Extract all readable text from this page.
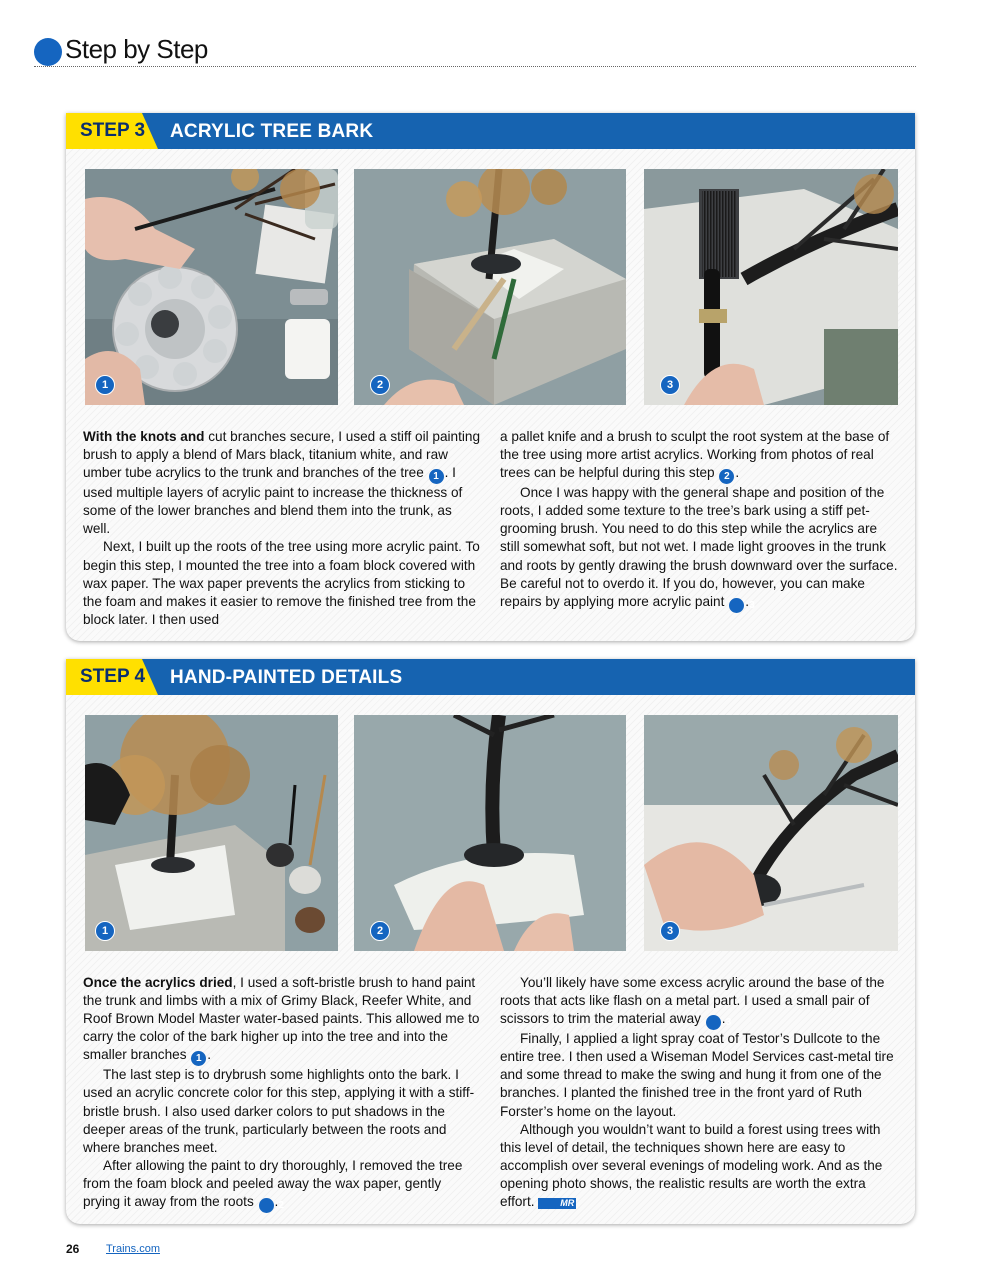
Step by Step
STEP 3 ACRYLIC TREE BARK
1	2	3

With the knots and cut branches secure, I used a stiff oil painting brush to apply a blend of Mars black, titanium white, and raw umber tube acrylics to the trunk and branches of the tree 1 . I used multiple layers of acrylic paint to increase the thickness of some of the lower branches and blend them into the trunk, as well.

Next, I built up the roots of the tree using more acrylic paint. To begin this step, I mounted the tree into a foam block covered with wax paper. The wax paper prevents the acrylics from sticking to the foam and makes it easier to remove the finished tree from the block later. I then used

a pallet knife and a brush to sculpt the root system at the base of the tree using more artist acrylics. Working from photos of real trees can be helpful during this step 2 .

Once I was happy with the general shape and position of the roots, I added some texture to the tree’s bark using a stiff pet-grooming brush. You need to do this step while the acrylics are still somewhat soft, but not wet. I made light grooves in the trunk and roots by gently drawing the brush downward over the surface. Be careful not to overdo it. If you do, however, you can make repairs by applying more acrylic paint 3.

STEP 4 HAND-PAINTED DETAILS
1	2	3

Once the acrylics dried, I used a soft-bristle brush to hand paint the trunk and limbs with a mix of Grimy Black, Reefer White, and Roof Brown Model Master water-based paints. This allowed me to carry the color of the bark higher up into the tree and into the smaller branches 1 .

The last step is to drybrush some highlights onto the bark. I used an acrylic concrete color for this step, applying it with a stiff-bristle brush. I also used darker colors to put shadows in the deeper areas of the trunk, particularly between the roots and where branches meet.

After allowing the paint to dry thoroughly, I removed the tree from the foam block and peeled away the wax paper, gently prying it away from the roots 2.

You’ll likely have some excess acrylic around the base of the roots that acts like flash on a metal part. I used a small pair of scissors to trim the material away 3.

Finally, I applied a light spray coat of Testor’s Dullcote to the entire tree. I then used a Wiseman Model Services cast-metal tire and some thread to make the swing and hung it from one of the branches. I planted the finished tree in the front yard of Ruth Forster’s home on the layout.

Although you wouldn’t want to build a forest using trees with this level of detail, the techniques shown here are easy to accomplish over several evenings of modeling work. And as the opening photo shows, the realistic results are worth the extra effort. MR

26 Trains.com
